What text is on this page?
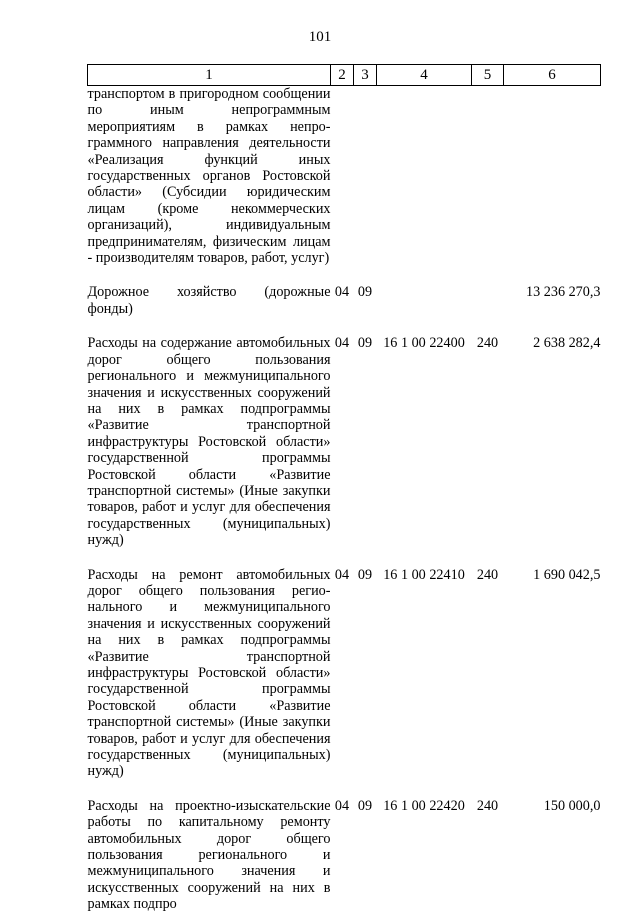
101
1	2	3	4	5	6
транспортом в пригородном сообщении по иным непрограммным мероприятиям в рамках непрограммного направления деятельности «Реализация функций иных государственных органов Ростовской области» (Субсидии юридическим лицам (кроме некоммерческих организаций), индивидуальным предпринимателям, физическим лицам - производителям товаров, работ, услуг)					

Дорожное хозяйство (дорожные фонды)	04	09			13 236 270,3

Расходы на содержание автомобильных дорог общего пользования регионального и межмуниципального значения и искусственных сооружений на них в рамках подпрограммы «Развитие транспортной инфраструктуры Ростовской области» государственной программы Ростовской области «Развитие транспортной системы» (Иные закупки товаров, работ и услуг для обеспечения государственных (муниципальных) нужд)	04	09	16 1 00 22400	240	2 638 282,4

Расходы на ремонт автомобильных дорог общего пользования регионального и межмуниципального значения и искусственных сооружений на них в рамках подпрограммы «Развитие транспортной инфраструктуры Ростовской области» государственной программы Ростовской области «Развитие транспортной системы» (Иные закупки товаров, работ и услуг для обеспечения государственных (муниципальных) нужд)	04	09	16 1 00 22410	240	1 690 042,5

Расходы на проектно-изыскательские работы по капитальному ремонту автомобильных дорог общего пользования регионального и межмуниципального значения и искусственных сооружений на них в рамках подпро	04	09	16 1 00 22420	240	150 000,0
